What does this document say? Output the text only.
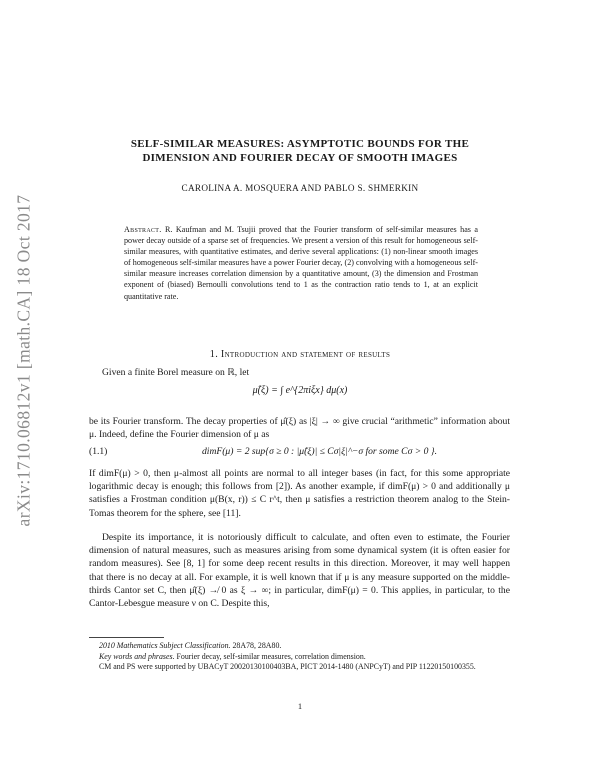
arXiv:1710.06812v1 [math.CA] 18 Oct 2017
SELF-SIMILAR MEASURES: ASYMPTOTIC BOUNDS FOR THE
DIMENSION AND FOURIER DECAY OF SMOOTH IMAGES
CAROLINA A. MOSQUERA AND PABLO S. SHMERKIN
Abstract. R. Kaufman and M. Tsujii proved that the Fourier transform of self-similar measures has a power decay outside of a sparse set of frequencies. We present a version of this result for homogeneous self-similar measures, with quantitative estimates, and derive several applications: (1) non-linear smooth images of homogeneous self-similar measures have a power Fourier decay, (2) convolving with a homogeneous self-similar measure increases correlation dimension by a quantitative amount, (3) the dimension and Frostman exponent of (biased) Bernoulli convolutions tend to 1 as the contraction ratio tends to 1, at an explicit quantitative rate.
1. Introduction and statement of results

Given a finite Borel measure on ℝ, let

μ̂(ξ) = ∫ e^{2πiξx} dμ(x)

be its Fourier transform. The decay properties of μ̂(ξ) as |ξ| → ∞ give crucial “arithmetic” information about μ. Indeed, define the Fourier dimension of μ as

(1.1)	dimF(μ) = 2 sup{σ ≥ 0 : |μ̂(ξ)| ≤ Cσ|ξ|^−σ for some Cσ > 0 }.

If dimF(μ) > 0, then μ-almost all points are normal to all integer bases (in fact, for this some appropriate logarithmic decay is enough; this follows from [2]). As another example, if dimF(μ) > 0 and additionally μ satisfies a Frostman condition μ(B(x, r)) ≤ C r^t, then μ satisfies a restriction theorem analog to the Stein-Tomas theorem for the sphere, see [11].

Despite its importance, it is notoriously difficult to calculate, and often even to estimate, the Fourier dimension of natural measures, such as measures arising from some dynamical system (it is often easier for random measures). See [8, 1] for some deep recent results in this direction. Moreover, it may well happen that there is no decay at all. For example, it is well known that if μ is any measure supported on the middle-thirds Cantor set C, then μ̂(ξ) ↛ 0 as ξ → ∞; in particular, dimF(μ) = 0. This applies, in particular, to the Cantor-Lebesgue measure ν on C. Despite this,

2010 Mathematics Subject Classification. 28A78, 28A80.

Key words and phrases. Fourier decay, self-similar measures, correlation dimension.

CM and PS were supported by UBACyT 20020130100403BA, PICT 2014-1480 (ANPCyT) and PIP 11220150100355.

1
